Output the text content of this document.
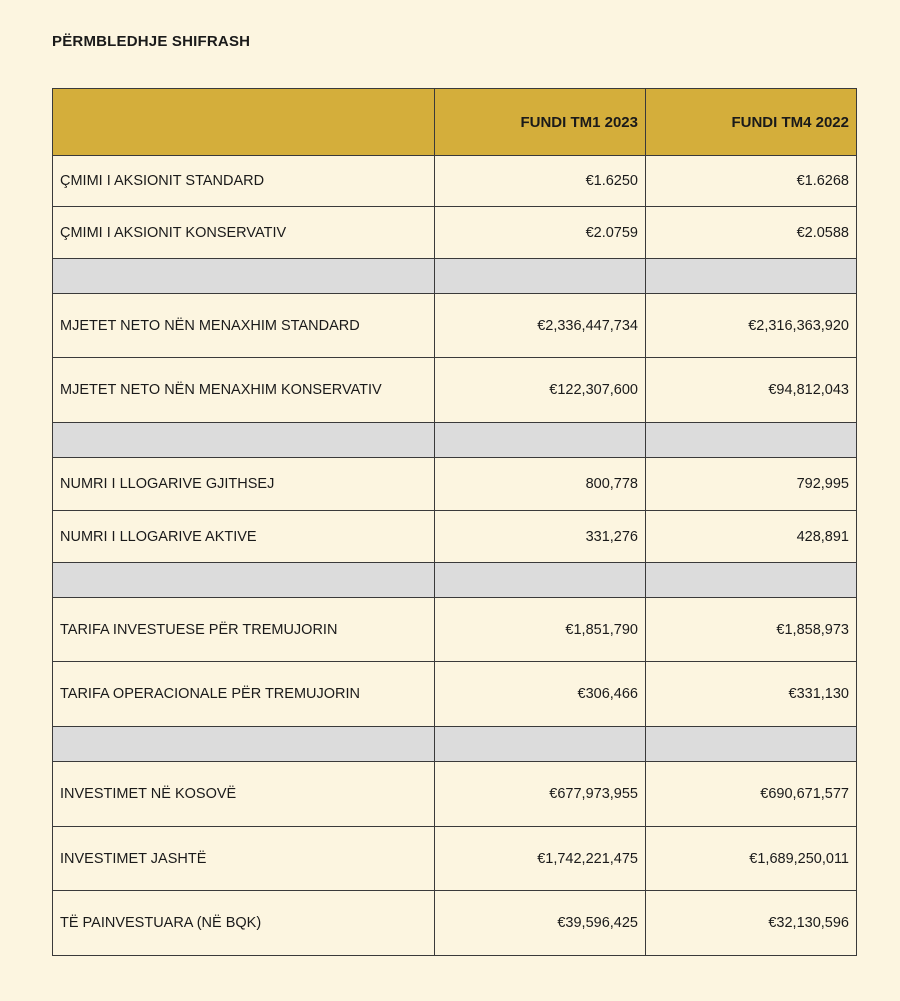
PËRMBLEDHJE SHIFRASH
	FUNDI TM1 2023	FUNDI TM4 2022
ÇMIMI I AKSIONIT STANDARD	€1.6250	€1.6268
ÇMIMI I AKSIONIT KONSERVATIV	€2.0759	€2.0588

MJETET NETO NËN MENAXHIM STANDARD	€2,336,447,734	€2,316,363,920
MJETET NETO NËN MENAXHIM KONSERVATIV	€122,307,600	€94,812,043

NUMRI I LLOGARIVE GJITHSEJ	800,778	792,995
NUMRI I LLOGARIVE AKTIVE	331,276	428,891

TARIFA INVESTUESE PËR TREMUJORIN	€1,851,790	€1,858,973
TARIFA OPERACIONALE PËR TREMUJORIN	€306,466	€331,130

INVESTIMET NË KOSOVË	€677,973,955	€690,671,577
INVESTIMET JASHTË	€1,742,221,475	€1,689,250,011
TË PAINVESTUARA (NË BQK)	€39,596,425	€32,130,596
